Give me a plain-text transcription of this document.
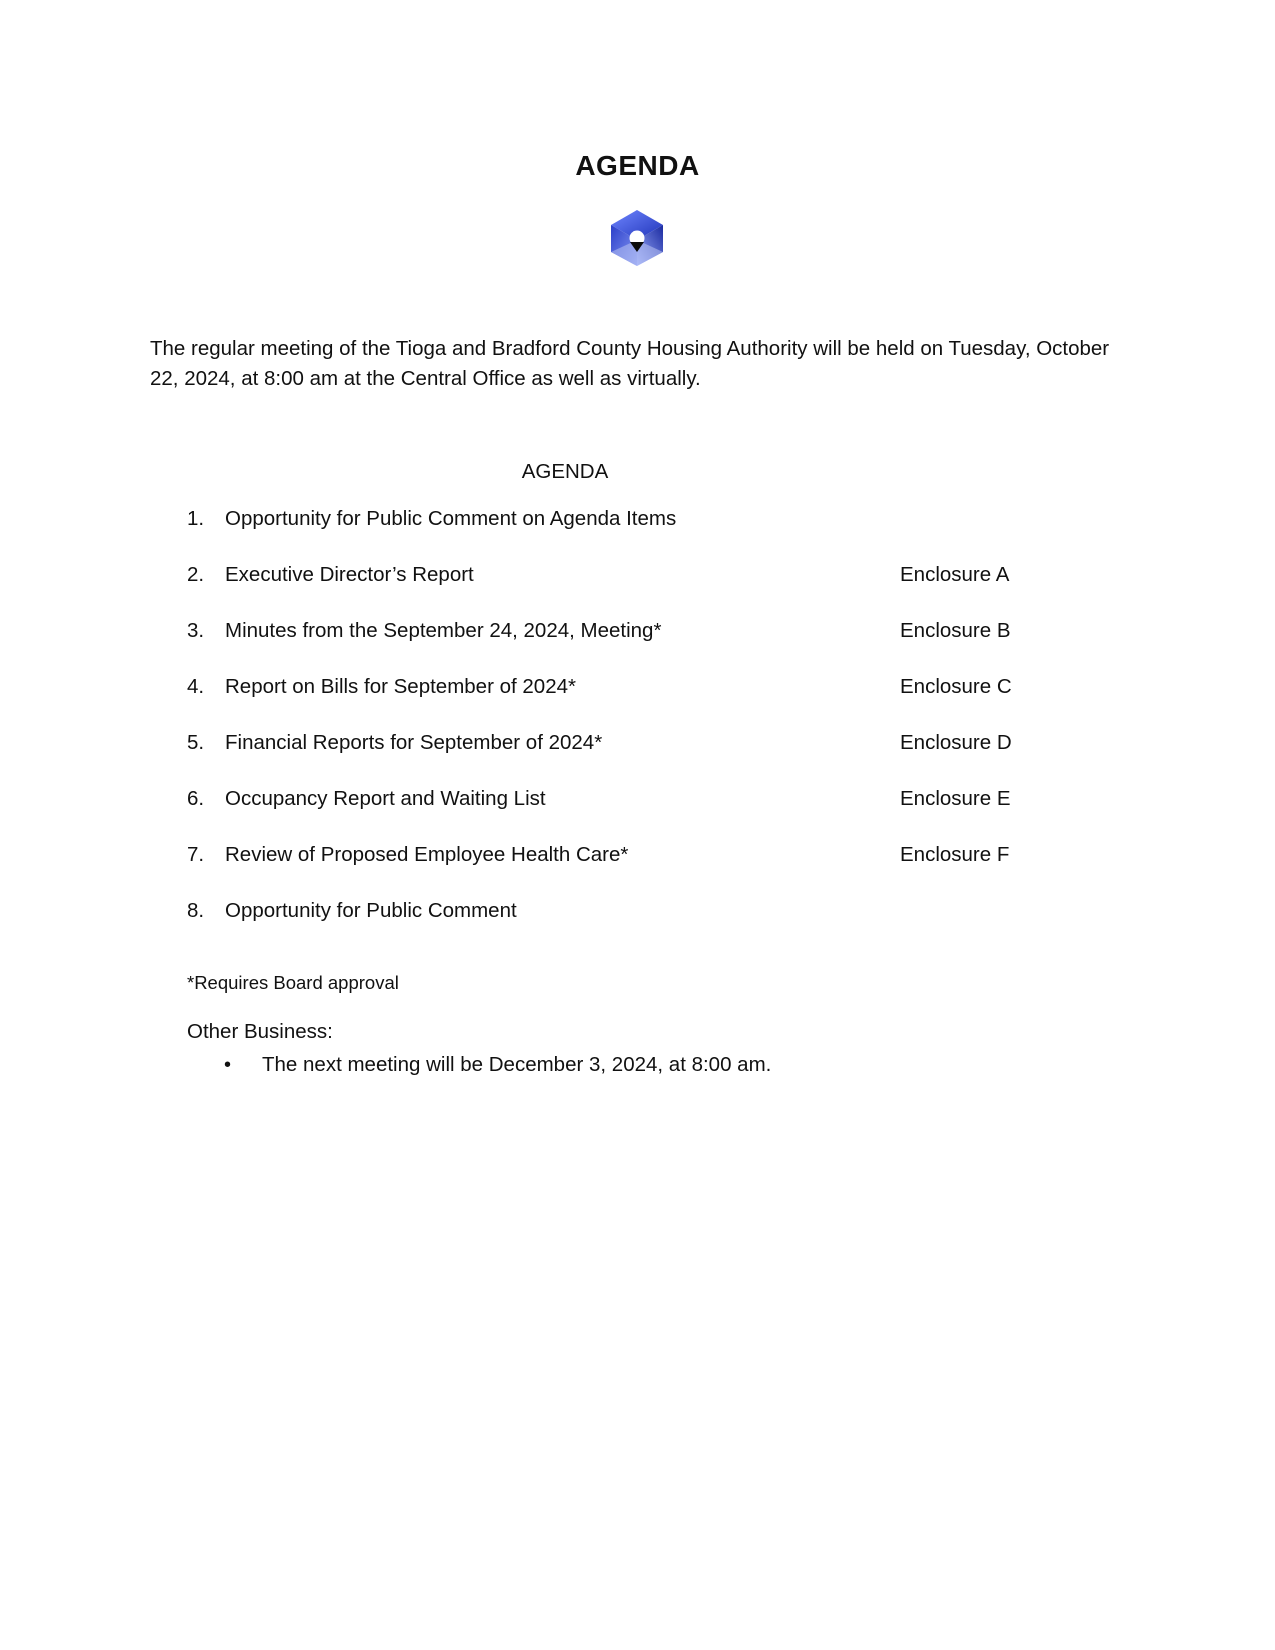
AGENDA
The regular meeting of the Tioga and Bradford County Housing Authority will be held on Tuesday, October 22, 2024, at 8:00 am at the Central Office as well as virtually.
AGENDA
1. Opportunity for Public Comment on Agenda Items
2. Executive Director’s Report	Enclosure A
3. Minutes from the September 24, 2024, Meeting*	Enclosure B
4. Report on Bills for September of 2024*	Enclosure C
5. Financial Reports for September of 2024*	Enclosure D
6. Occupancy Report and Waiting List	Enclosure E
7. Review of Proposed Employee Health Care*	Enclosure F
8. Opportunity for Public Comment
*Requires Board approval
Other Business:
• The next meeting will be December 3, 2024, at 8:00 am.
